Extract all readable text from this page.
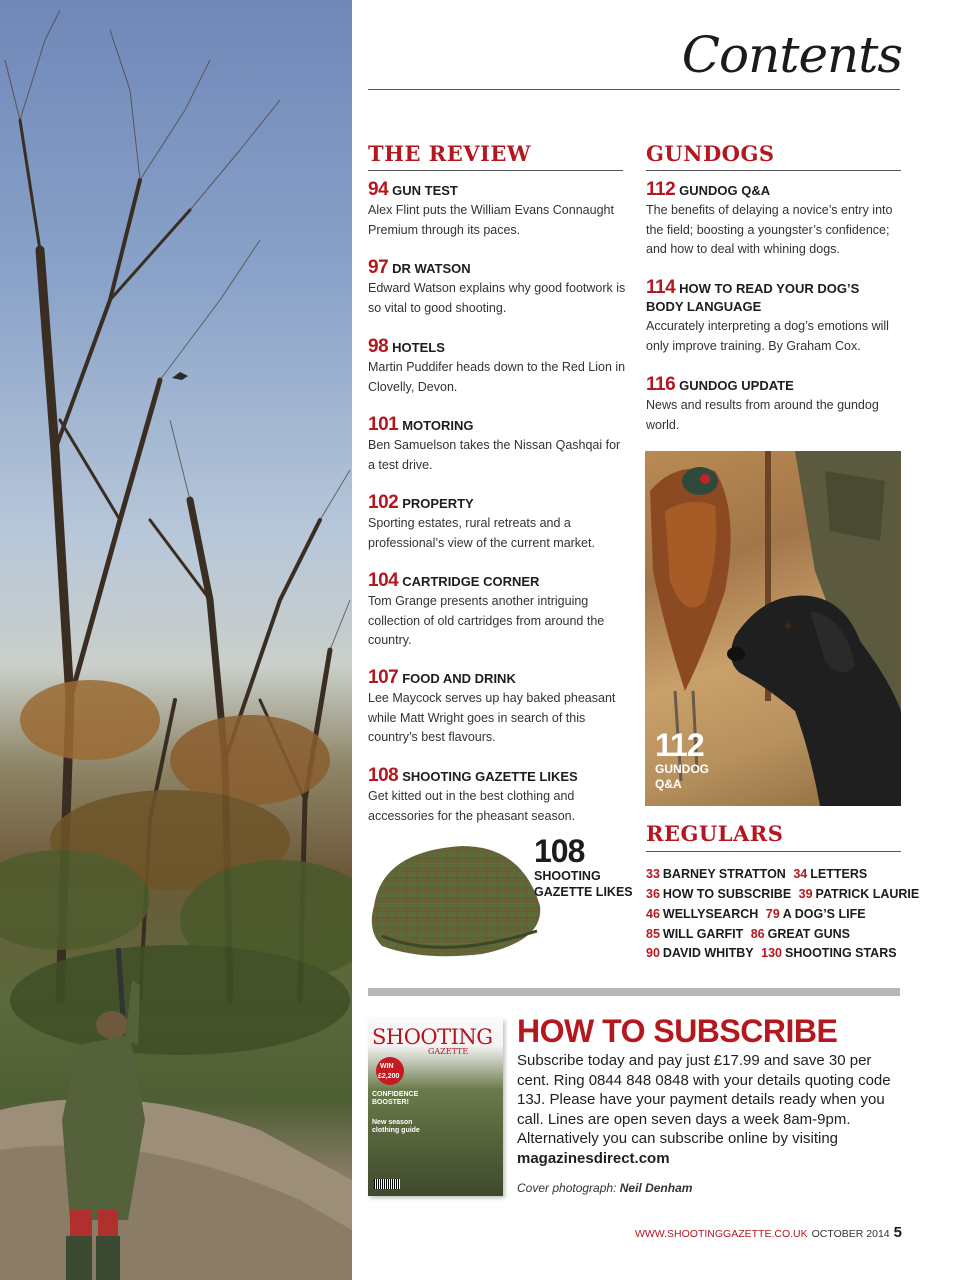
Contents
THE REVIEW
94 GUN TEST
Alex Flint puts the William Evans Connaught Premium through its paces.
97 DR WATSON
Edward Watson explains why good footwork is so vital to good shooting.
98 HOTELS
Martin Puddifer heads down to the Red Lion in Clovelly, Devon.
101 MOTORING
Ben Samuelson takes the Nissan Qashqai for a test drive.
102 PROPERTY
Sporting estates, rural retreats and a professional’s view of the current market.
104 CARTRIDGE CORNER
Tom Grange presents another intriguing collection of old cartridges from around the country.
107 FOOD AND DRINK
Lee Maycock serves up hay baked pheasant while Matt Wright goes in search of this country’s best flavours.
108 SHOOTING GAZETTE LIKES
Get kitted out in the best clothing and accessories for the pheasant season.
108
SHOOTING
GAZETTE LIKES
GUNDOGS
112 GUNDOG Q&A
The benefits of delaying a novice’s entry into the field; boosting a youngster’s confidence; and how to deal with whining dogs.
114 HOW TO READ YOUR DOG’S
BODY LANGUAGE
Accurately interpreting a dog’s emotions will only improve training. By Graham Cox.
116 GUNDOG UPDATE
News and results from around the gundog world.
112
GUNDOG
Q&A
REGULARS
33 BARNEY STRATTON 34 LETTERS
36 HOW TO SUBSCRIBE 39 PATRICK LAURIE
46 WELLYSEARCH 79 A DOG’S LIFE
85 WILL GARFIT 86 GREAT GUNS
90 DAVID WHITBY 130 SHOOTING STARS
SHOOTING
GAZETTE
WIN
£2,200
CONFIDENCE
BOOSTER!
New season
clothing guide
HOW TO SUBSCRIBE
Subscribe today and pay just £17.99 and save 30 per cent. Ring 0844 848 0848 with your details quoting code 13J. Please have your payment details ready when you call. Lines are open seven days a week 8am-9pm. Alternatively you can subscribe online by visiting magazinesdirect.com
Cover photograph: Neil Denham
WWW.SHOOTINGGAZETTE.CO.UK OCTOBER 2014 5
